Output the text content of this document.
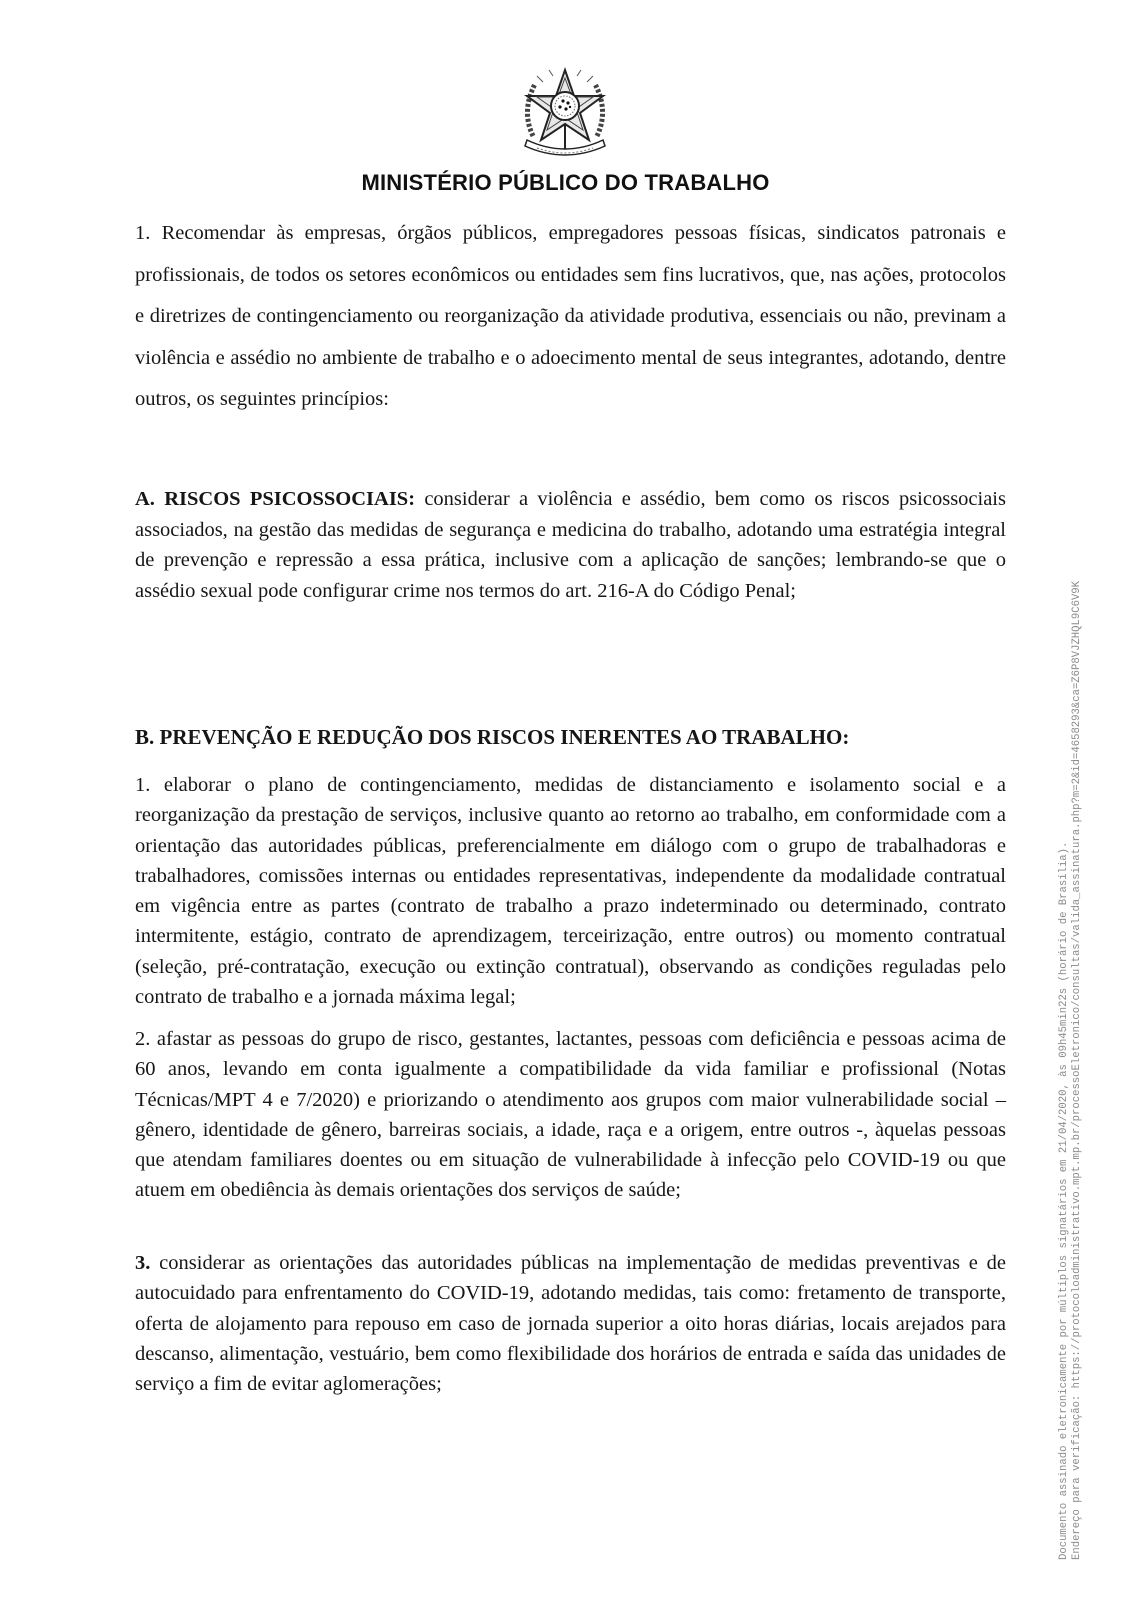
MINISTÉRIO PÚBLICO DO TRABALHO

1. Recomendar às empresas, órgãos públicos, empregadores pessoas físicas, sindicatos patronais e profissionais, de todos os setores econômicos ou entidades sem fins lucrativos, que, nas ações, protocolos e diretrizes de contingenciamento ou reorganização da atividade produtiva, essenciais ou não, previnam a violência e assédio no ambiente de trabalho e o adoecimento mental de seus integrantes, adotando, dentre outros, os seguintes princípios:

A. RISCOS PSICOSSOCIAIS: considerar a violência e assédio, bem como os riscos psicossociais associados, na gestão das medidas de segurança e medicina do trabalho, adotando uma estratégia integral de prevenção e repressão a essa prática, inclusive com a aplicação de sanções; lembrando-se que o assédio sexual pode configurar crime nos termos do art. 216-A do Código Penal;

B. PREVENÇÃO E REDUÇÃO DOS RISCOS INERENTES AO TRABALHO:

1. elaborar o plano de contingenciamento, medidas de distanciamento e isolamento social e a reorganização da prestação de serviços, inclusive quanto ao retorno ao trabalho, em conformidade com a orientação das autoridades públicas, preferencialmente em diálogo com o grupo de trabalhadoras e trabalhadores, comissões internas ou entidades representativas, independente da modalidade contratual em vigência entre as partes (contrato de trabalho a prazo indeterminado ou determinado, contrato intermitente, estágio, contrato de aprendizagem, terceirização, entre outros) ou momento contratual (seleção, pré-contratação, execução ou extinção contratual), observando as condições reguladas pelo contrato de trabalho e a jornada máxima legal;

2. afastar as pessoas do grupo de risco, gestantes, lactantes, pessoas com deficiência e pessoas acima de 60 anos, levando em conta igualmente a compatibilidade da vida familiar e profissional (Notas Técnicas/MPT 4 e 7/2020) e priorizando o atendimento aos grupos com maior vulnerabilidade social – gênero, identidade de gênero, barreiras sociais, a idade, raça e a origem, entre outros -, àquelas pessoas que atendam familiares doentes ou em situação de vulnerabilidade à infecção pelo COVID-19 ou que atuem em obediência às demais orientações dos serviços de saúde;

3. considerar as orientações das autoridades públicas na implementação de medidas preventivas e de autocuidado para enfrentamento do COVID-19, adotando medidas, tais como: fretamento de transporte, oferta de alojamento para repouso em caso de jornada superior a oito horas diárias, locais arejados para descanso, alimentação, vestuário, bem como flexibilidade dos horários de entrada e saída das unidades de serviço a fim de evitar aglomerações;	Documento assinado eletronicamente por múltiplos signatários em 21/04/2020, às 09h45min22s (horário de Brasília). Endereço para verificação: https://protocoloadministrativo.mpt.mp.br/processoEletronico/consultas/valida_assinatura.php?m=2&id=4658293&ca=Z6P8VJZHQL9C6V9K
